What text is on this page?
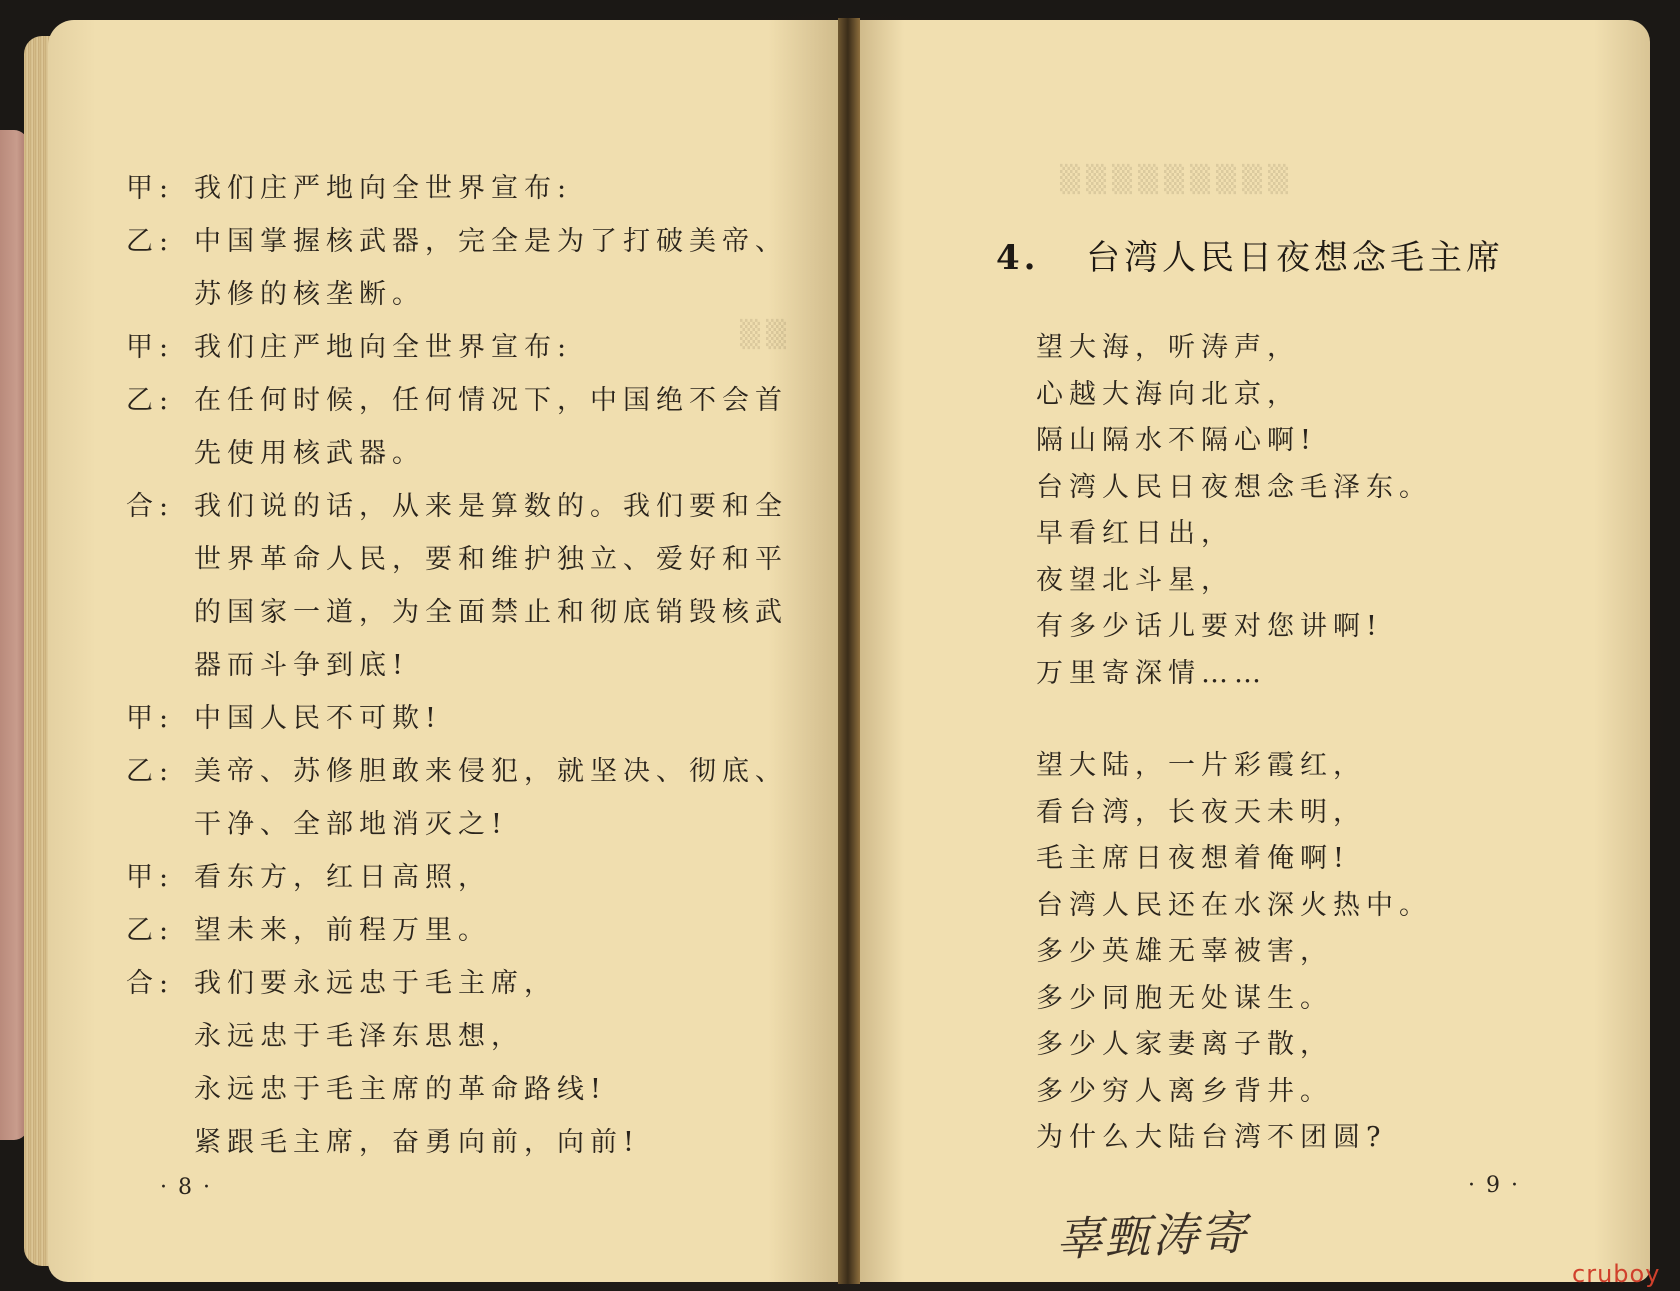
▒▒▒▒▒▒▒▒▒
▒▒
甲: 我们庄严地向全世界宣布:
乙: 中国掌握核武器，完全是为了打破美帝、
苏修的核垄断。
甲: 我们庄严地向全世界宣布:
乙: 在任何时候，任何情况下，中国绝不会首
先使用核武器。
合: 我们说的话，从来是算数的。我们要和全
世界革命人民，要和维护独立、爱好和平
的国家一道，为全面禁止和彻底销毁核武
器而斗争到底!
甲: 中国人民不可欺!
乙: 美帝、苏修胆敢来侵犯，就坚决、彻底、
干净、全部地消灭之!
甲: 看东方，红日高照，
乙: 望未来，前程万里。
合: 我们要永远忠于毛主席，
永远忠于毛泽东思想，
永远忠于毛主席的革命路线!
紧跟毛主席，奋勇向前，向前!
· 8 ·
4. 台湾人民日夜想念毛主席
望大海，听涛声，
心越大海向北京，
隔山隔水不隔心啊!
台湾人民日夜想念毛泽东。
早看红日出，
夜望北斗星，
有多少话儿要对您讲啊!
万里寄深情……
望大陆，一片彩霞红，
看台湾，长夜天未明，
毛主席日夜想着俺啊!
台湾人民还在水深火热中。
多少英雄无辜被害，
多少同胞无处谋生。
多少人家妻离子散，
多少穷人离乡背井。
为什么大陆台湾不团圆?
· 9 ·
辜甄涛寄
cruboy
